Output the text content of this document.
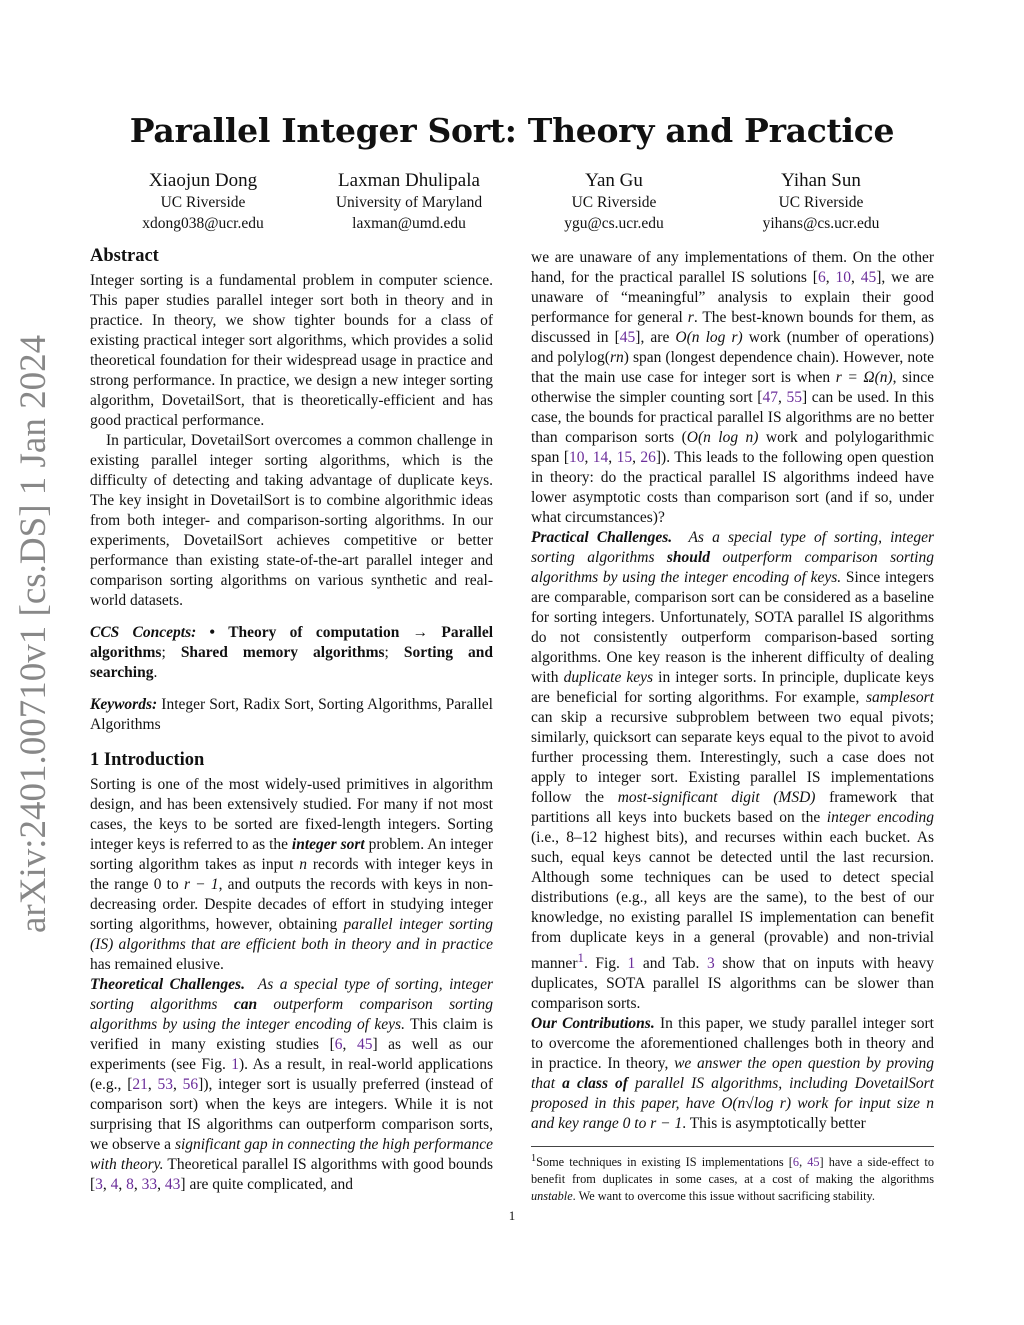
arXiv:2401.00710v1 [cs.DS] 1 Jan 2024
Parallel Integer Sort: Theory and Practice
Xiaojun Dong
UC Riverside
xdong038@ucr.edu
Laxman Dhulipala
University of Maryland
laxman@umd.edu
Yan Gu
UC Riverside
ygu@cs.ucr.edu
Yihan Sun
UC Riverside
yihans@cs.ucr.edu
Abstract

Integer sorting is a fundamental problem in computer science. This paper studies parallel integer sort both in theory and in practice. In theory, we show tighter bounds for a class of existing practical integer sort algorithms, which provides a solid theoretical foundation for their widespread usage in practice and strong performance. In practice, we design a new integer sorting algorithm, DovetailSort, that is theoretically-efficient and has good practical performance.

In particular, DovetailSort overcomes a common challenge in existing parallel integer sorting algorithms, which is the difficulty of detecting and taking advantage of duplicate keys. The key insight in DovetailSort is to combine algorithmic ideas from both integer- and comparison-sorting algorithms. In our experiments, DovetailSort achieves competitive or better performance than existing state-of-the-art parallel integer and comparison sorting algorithms on various synthetic and real-world datasets.

CCS Concepts: • Theory of computation → Parallel algorithms; Shared memory algorithms; Sorting and searching.

Keywords: Integer Sort, Radix Sort, Sorting Algorithms, Parallel Algorithms

1 Introduction

Sorting is one of the most widely-used primitives in algorithm design, and has been extensively studied. For many if not most cases, the keys to be sorted are fixed-length integers. Sorting integer keys is referred to as the integer sort problem. An integer sorting algorithm takes as input n records with integer keys in the range 0 to r − 1, and outputs the records with keys in non-decreasing order. Despite decades of effort in studying integer sorting algorithms, however, obtaining parallel integer sorting (IS) algorithms that are efficient both in theory and in practice has remained elusive.

Theoretical Challenges. As a special type of sorting, integer sorting algorithms can outperform comparison sorting algorithms by using the integer encoding of keys. This claim is verified in many existing studies [6, 45] as well as our experiments (see Fig. 1). As a result, in real-world applications (e.g., [21, 53, 56]), integer sort is usually preferred (instead of comparison sort) when the keys are integers. While it is not surprising that IS algorithms can outperform comparison sorts, we observe a significant gap in connecting the high performance with theory. Theoretical parallel IS algorithms with good bounds [3, 4, 8, 33, 43] are quite complicated, and

we are unaware of any implementations of them. On the other hand, for the practical parallel IS solutions [6, 10, 45], we are unaware of “meaningful” analysis to explain their good performance for general r. The best-known bounds for them, as discussed in [45], are O(n log r) work (number of operations) and polylog(rn) span (longest dependence chain). However, note that the main use case for integer sort is when r = Ω(n), since otherwise the simpler counting sort [47, 55] can be used. In this case, the bounds for practical parallel IS algorithms are no better than comparison sorts (O(n log n) work and polylogarithmic span [10, 14, 15, 26]). This leads to the following open question in theory: do the practical parallel IS algorithms indeed have lower asymptotic costs than comparison sort (and if so, under what circumstances)?

Practical Challenges. As a special type of sorting, integer sorting algorithms should outperform comparison sorting algorithms by using the integer encoding of keys. Since integers are comparable, comparison sort can be considered as a baseline for sorting integers. Unfortunately, SOTA parallel IS algorithms do not consistently outperform comparison-based sorting algorithms. One key reason is the inherent difficulty of dealing with duplicate keys in integer sorts. In principle, duplicate keys are beneficial for sorting algorithms. For example, samplesort can skip a recursive subproblem between two equal pivots; similarly, quicksort can separate keys equal to the pivot to avoid further processing them. Interestingly, such a case does not apply to integer sort. Existing parallel IS implementations follow the most-significant digit (MSD) framework that partitions all keys into buckets based on the integer encoding (i.e., 8–12 highest bits), and recurses within each bucket. As such, equal keys cannot be detected until the last recursion. Although some techniques can be used to detect special distributions (e.g., all keys are the same), to the best of our knowledge, no existing parallel IS implementation can benefit from duplicate keys in a general (provable) and non-trivial manner$^1$. Fig. 1 and Tab. 3 show that on inputs with heavy duplicates, SOTA parallel IS algorithms can be slower than comparison sorts.

Our Contributions. In this paper, we study parallel integer sort to overcome the aforementioned challenges both in theory and in practice. In theory, we answer the open question by proving that a class of parallel IS algorithms, including DovetailSort proposed in this paper, have O(n√log r) work for input size n and key range 0 to r − 1. This is asymptotically better

$^1$Some techniques in existing IS implementations [6, 45] have a side-effect to benefit from duplicates in some cases, at a cost of making the algorithms unstable. We want to overcome this issue without sacrificing stability.
1
